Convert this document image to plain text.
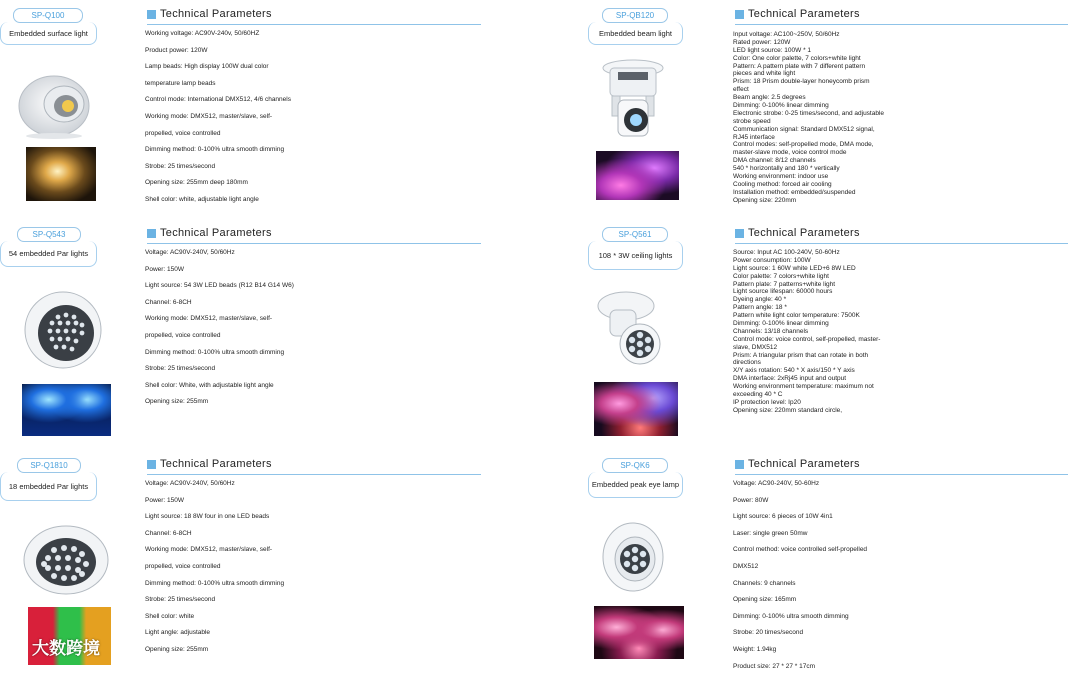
SP-Q100
Embedded surface light
Technical Parameters
Working voltage: AC90V-240v, 50/60HZ
Product power: 120W
Lamp beads: High display 100W dual color
temperature lamp beads
Control mode: International DMX512, 4/6 channels
Working mode: DMX512, master/slave, self-
propelled, voice controlled
Dimming method: 0-100% ultra smooth dimming
Strobe: 25 times/second
Opening size: 255mm deep 180mm
Shell color: white, adjustable light angle
SP-QB120
Embedded beam light
Technical Parameters
Input voltage: AC100~250V, 50/60Hz
Rated power: 120W
LED light source: 100W * 1
Color: One color palette, 7 colors+white light
Pattern: A pattern plate with 7 different pattern
pieces and white light
Prism: 18 Prism double-layer honeycomb prism
effect
Beam angle: 2.5 degrees
Dimming: 0-100% linear dimming
Electronic strobe: 0-25 times/second, and adjustable
strobe speed
Communication signal: Standard DMX512 signal,
RJ45 interface
Control modes: self-propelled mode, DMA mode,
master-slave mode, voice control mode
DMA channel: 8/12 channels
540 * horizontally and 180 * vertically
Working environment: indoor use
Cooling method: forced air cooling
Installation method: embedded/suspended
Opening size: 220mm
SP-Q543
54 embedded Par lights
Technical Parameters
Voltage: AC90V-240V, 50/60Hz
Power: 150W
Light source: 54 3W LED beads (R12 B14 G14 W6)
Channel: 6-8CH
Working mode: DMX512, master/slave, self-
propelled, voice controlled
Dimming method: 0-100% ultra smooth dimming
Strobe: 25 times/second
Shell color: White, with adjustable light angle
Opening size: 255mm
SP-Q561
108 * 3W ceiling lights
Technical Parameters
Source: Input AC 100-240V, 50-60Hz
Power consumption: 100W
Light source: 1 60W white LED+6 8W LED
Color palette: 7 colors+white light
Pattern plate: 7 patterns+white light
Light source lifespan: 60000 hours
Dyeing angle: 40 *
Pattern angle: 18 *
Pattern white light color temperature: 7500K
Dimming: 0-100% linear dimming
Channels: 13/18 channels
Control mode: voice control, self-propelled, master-
slave, DMX512
Prism: A triangular prism that can rotate in both
directions
X/Y axis rotation: 540 * X axis/150 * Y axis
DMA interface: 2xRj45 input and output
Working environment temperature: maximum not
exceeding 40 * C
IP protection level: Ip20
Opening size: 220mm standard circle,
SP-Q1810
18 embedded Par lights
Technical Parameters
Voltage: AC90V-240V, 50/60Hz
Power: 150W
Light source: 18 8W four in one LED beads
Channel: 6-8CH
Working mode: DMX512, master/slave, self-
propelled, voice controlled
Dimming method: 0-100% ultra smooth dimming
Strobe: 25 times/second
Shell color: white
Light angle: adjustable
Opening size: 255mm
SP-QK6
Embedded peak eye lamp
Technical Parameters
Voltage: AC90-240V, 50-60Hz
Power: 80W
Light source: 6 pieces of 10W 4in1
Laser: single green 50mw
Control method: voice controlled self-propelled
DMX512
Channels: 9 channels
Opening size: 165mm
Dimming: 0-100% ultra smooth dimming
Strobe: 20 times/second
Weight: 1.94kg
Product size: 27 * 27 * 17cm
大数跨境
